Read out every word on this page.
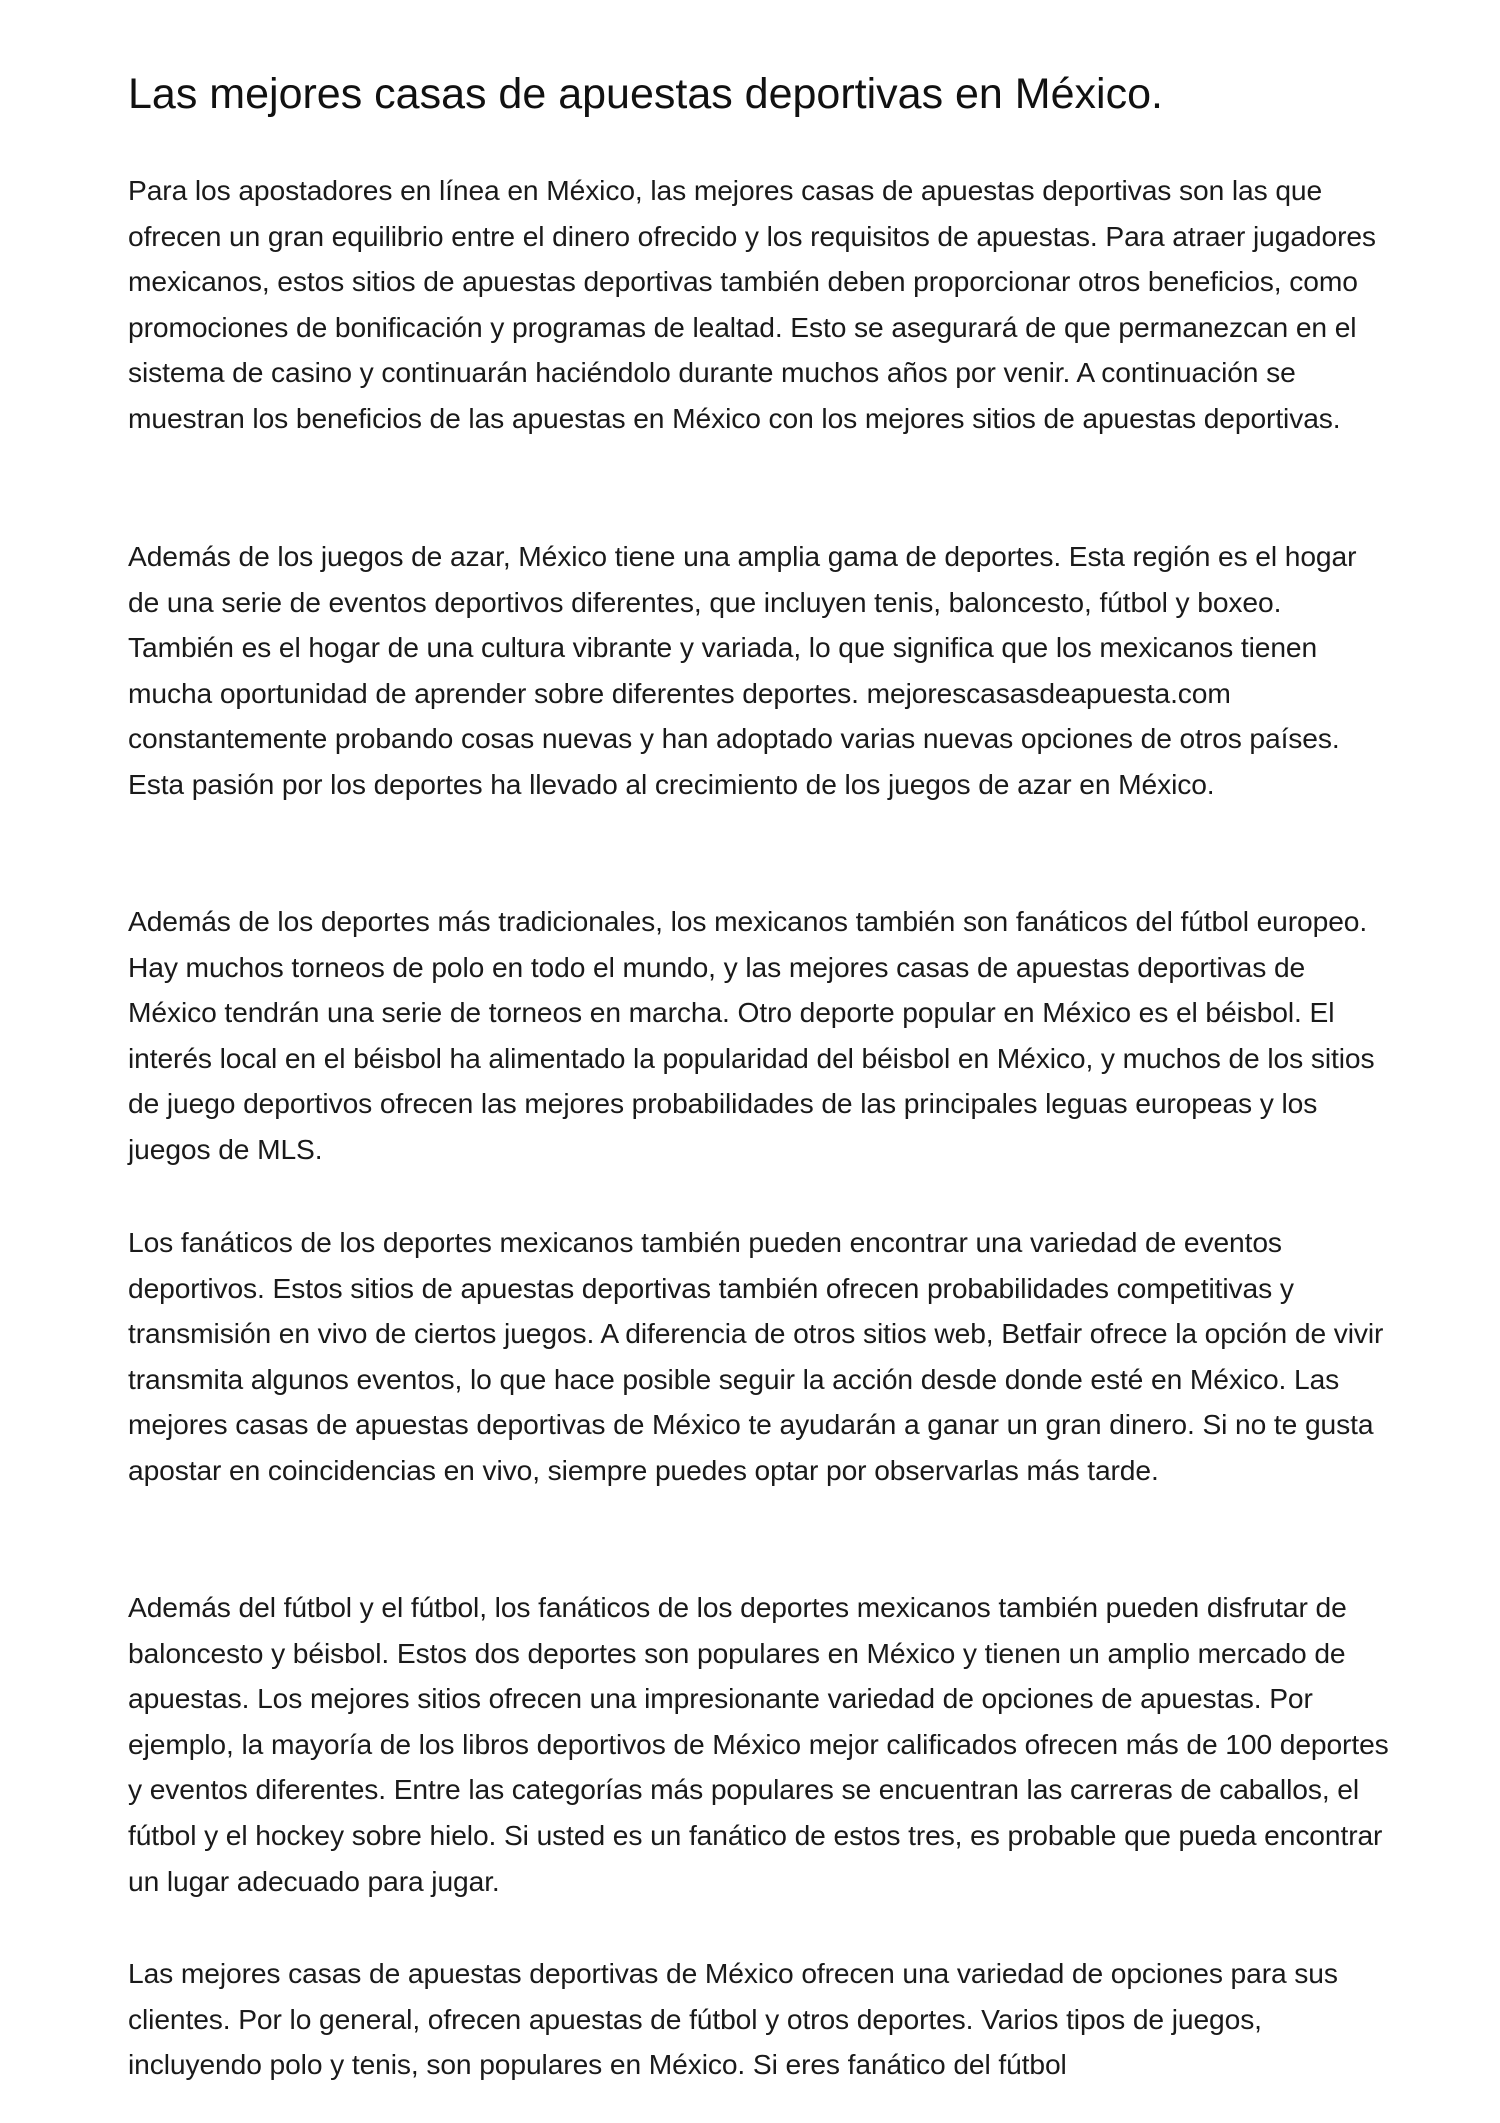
Las mejores casas de apuestas deportivas en México.

Para los apostadores en línea en México, las mejores casas de apuestas deportivas son las que ofrecen un gran equilibrio entre el dinero ofrecido y los requisitos de apuestas. Para atraer jugadores mexicanos, estos sitios de apuestas deportivas también deben proporcionar otros beneficios, como promociones de bonificación y programas de lealtad. Esto se asegurará de que permanezcan en el sistema de casino y continuarán haciéndolo durante muchos años por venir. A continuación se muestran los beneficios de las apuestas en México con los mejores sitios de apuestas deportivas.

Además de los juegos de azar, México tiene una amplia gama de deportes. Esta región es el hogar de una serie de eventos deportivos diferentes, que incluyen tenis, baloncesto, fútbol y boxeo. También es el hogar de una cultura vibrante y variada, lo que significa que los mexicanos tienen mucha oportunidad de aprender sobre diferentes deportes. mejorescasasdeapuesta.com constantemente probando cosas nuevas y han adoptado varias nuevas opciones de otros países. Esta pasión por los deportes ha llevado al crecimiento de los juegos de azar en México.

Además de los deportes más tradicionales, los mexicanos también son fanáticos del fútbol europeo. Hay muchos torneos de polo en todo el mundo, y las mejores casas de apuestas deportivas de México tendrán una serie de torneos en marcha. Otro deporte popular en México es el béisbol. El interés local en el béisbol ha alimentado la popularidad del béisbol en México, y muchos de los sitios de juego deportivos ofrecen las mejores probabilidades de las principales leguas europeas y los juegos de MLS.

Los fanáticos de los deportes mexicanos también pueden encontrar una variedad de eventos deportivos. Estos sitios de apuestas deportivas también ofrecen probabilidades competitivas y transmisión en vivo de ciertos juegos. A diferencia de otros sitios web, Betfair ofrece la opción de vivir transmita algunos eventos, lo que hace posible seguir la acción desde donde esté en México. Las mejores casas de apuestas deportivas de México te ayudarán a ganar un gran dinero. Si no te gusta apostar en coincidencias en vivo, siempre puedes optar por observarlas más tarde.

Además del fútbol y el fútbol, los fanáticos de los deportes mexicanos también pueden disfrutar de baloncesto y béisbol. Estos dos deportes son populares en México y tienen un amplio mercado de apuestas. Los mejores sitios ofrecen una impresionante variedad de opciones de apuestas. Por ejemplo, la mayoría de los libros deportivos de México mejor calificados ofrecen más de 100 deportes y eventos diferentes. Entre las categorías más populares se encuentran las carreras de caballos, el fútbol y el hockey sobre hielo. Si usted es un fanático de estos tres, es probable que pueda encontrar un lugar adecuado para jugar.

Las mejores casas de apuestas deportivas de México ofrecen una variedad de opciones para sus clientes. Por lo general, ofrecen apuestas de fútbol y otros deportes. Varios tipos de juegos, incluyendo polo y tenis, son populares en México. Si eres fanático del fútbol
